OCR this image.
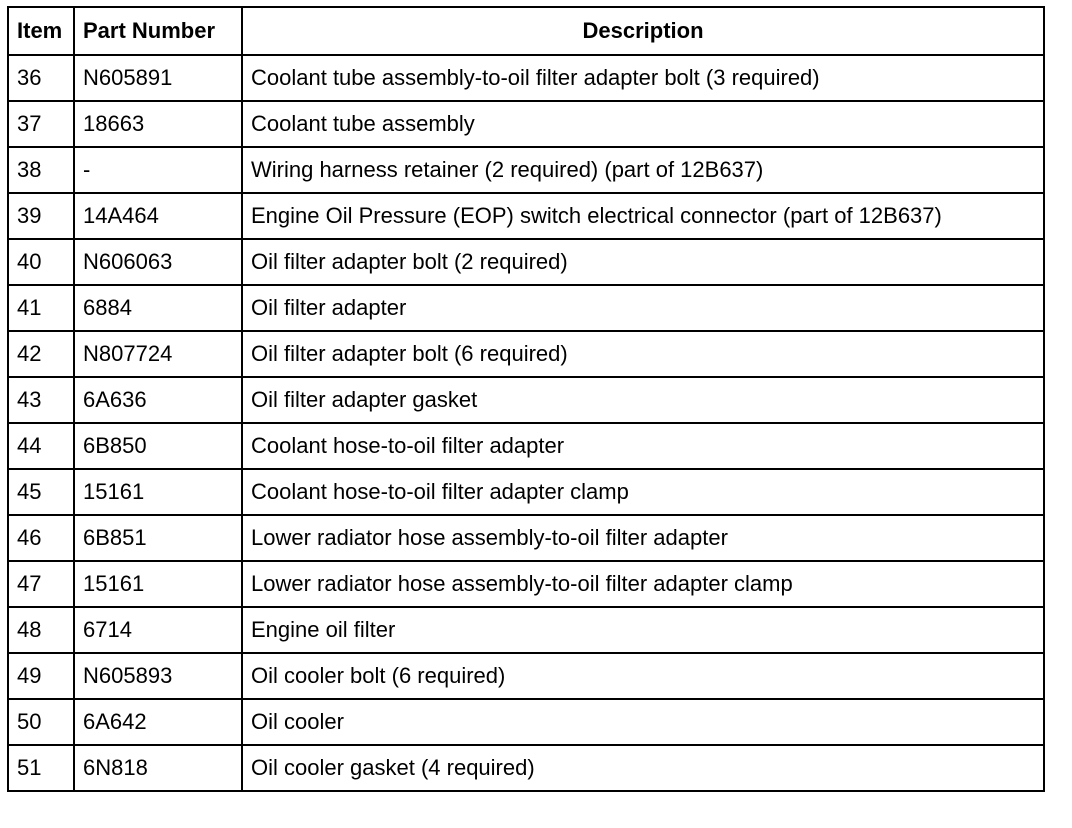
Item	Part Number	Description
36	N605891	Coolant tube assembly-to-oil filter adapter bolt (3 required)
37	18663	Coolant tube assembly
38	-	Wiring harness retainer (2 required) (part of 12B637)
39	14A464	Engine Oil Pressure (EOP) switch electrical connector (part of 12B637)
40	N606063	Oil filter adapter bolt (2 required)
41	6884	Oil filter adapter
42	N807724	Oil filter adapter bolt (6 required)
43	6A636	Oil filter adapter gasket
44	6B850	Coolant hose-to-oil filter adapter
45	15161	Coolant hose-to-oil filter adapter clamp
46	6B851	Lower radiator hose assembly-to-oil filter adapter
47	15161	Lower radiator hose assembly-to-oil filter adapter clamp
48	6714	Engine oil filter
49	N605893	Oil cooler bolt (6 required)
50	6A642	Oil cooler
51	6N818	Oil cooler gasket (4 required)
